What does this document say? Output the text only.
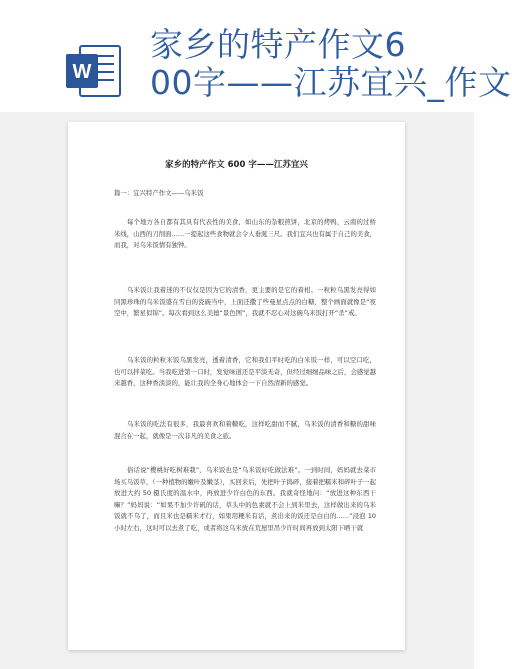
W
家乡的特产作文6
00字——江苏宜兴_作文
家乡的特产作文 600 字——江苏宜兴
篇一：宜兴特产作文——乌米饭

每个地方各自都有其具有代表性的美食，如山东的杂粮煎饼，北京的烤鸭，云南的过桥米线，山西的刀削面……一提起这些食物就会令人垂涎三尺。我们宜兴也有属于自己的美食，而我，对乌米饭情有独钟。

乌米饭让我着迷的不仅仅是因为它的清香，更主要的是它的着相。一粒粒乌黑发亮得如同黑珍珠的乌米饭盛在雪白的瓷碗当中，上面还撒了些曼星点点的白糖，整个画面就像是“夜空中，繁星似锦”。每次看到这么美德“景色图”，我就不忍心对这碗乌米饭打开“杀”戒。

乌米饭的粒粒米饭乌黑发亮，透着清香，它和我们平时吃的白米饭一样，可以空口吃，也可以拌菜吃。当我吃进第一口时，发觉味道还是平淡无奇，但经过细细品味之后，会感觉越来越香，这种香淡淡的，能让我的全身心地体会一下自然清新的感觉。

乌米饭的吃法有很多，我最喜欢和着糖吃，这样吃甜而不腻，乌米饭的清香和糖的甜味混合在一起，就像是一次非凡的美食之旅。

俗话说“樱桃好吃树难栽”，乌米饭也是“乌米饭好吃做法难”。一到时间，妈妈就去菜市场买乌饭草，（一种植物的嫩叶及嫩茎），买回来后，先把叶子捣碎，接着把糯米和碎叶子一起放进大约 50 摄氏度的温水中，再放进少许白色的东西。我就奇怪地问：“放进这种东西干嘛？”妈妈说：“如果不加少许矾的话，草头中的色素就不会上到米里去，这样做出来的乌米饭就不乌了，而且米也是糯米才行，如果用粳米有话，煮出来的饭还是白白的……”浸泡 10 小时左右，这时可以去煮了吃，或者将这乌米放在荒屋里吊少许时间再放到太阳下晒干就
